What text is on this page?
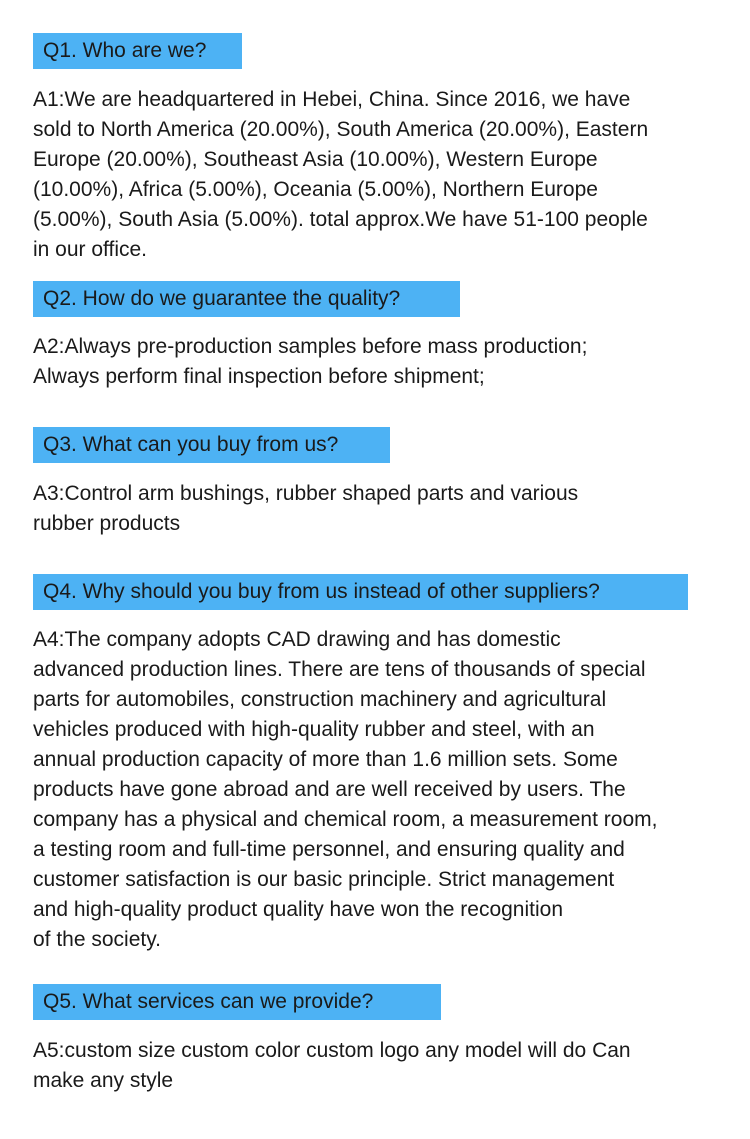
Q1. Who are we?

A1:We are headquartered in Hebei, China. Since 2016, we have
sold to North America (20.00%), South America (20.00%), Eastern
Europe (20.00%), Southeast Asia (10.00%), Western Europe
(10.00%), Africa (5.00%), Oceania (5.00%), Northern Europe
(5.00%), South Asia (5.00%). total approx.We have 51-100 people
in our office.

Q2. How do we guarantee the quality?

A2:Always pre-production samples before mass production;
Always perform final inspection before shipment;

Q3. What can you buy from us?

A3:Control arm bushings, rubber shaped parts and various
rubber products

Q4. Why should you buy from us instead of other suppliers?

A4:The company adopts CAD drawing and has domestic
advanced production lines. There are tens of thousands of special
parts for automobiles, construction machinery and agricultural
vehicles produced with high-quality rubber and steel, with an
annual production capacity of more than 1.6 million sets. Some
products have gone abroad and are well received by users. The
company has a physical and chemical room, a measurement room,
a testing room and full-time personnel, and ensuring quality and
customer satisfaction is our basic principle. Strict management
and high-quality product quality have won the recognition
of the society.

Q5. What services can we provide?

A5:custom size custom color custom logo any model will do Can
make any style
